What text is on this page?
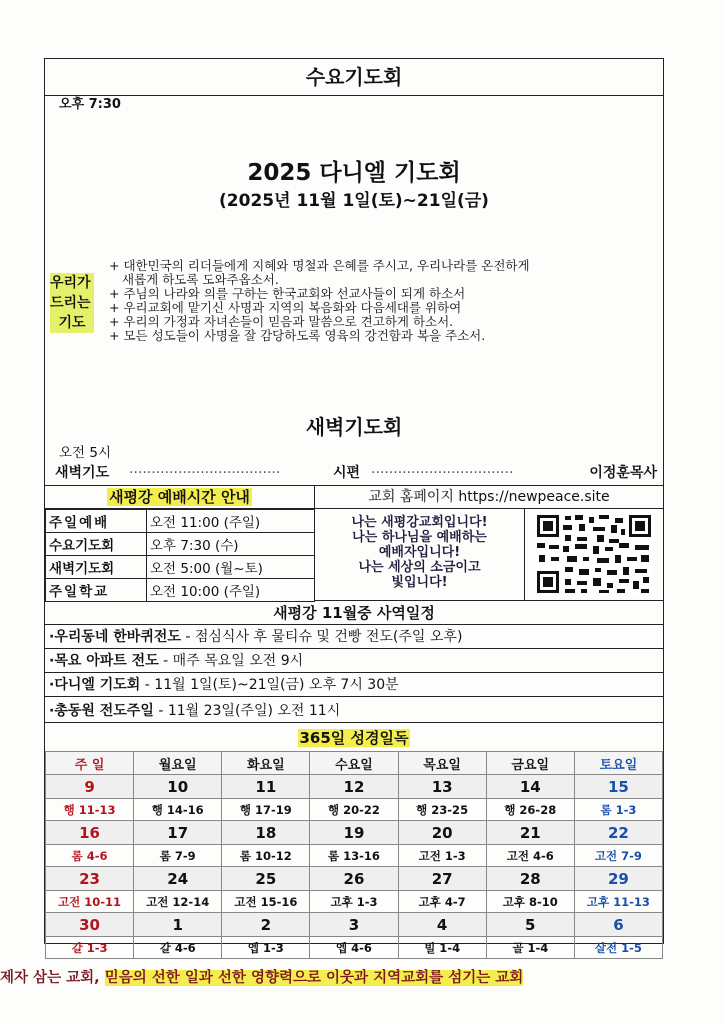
수요기도회
오후 7:30
2025 다니엘 기도회
(2025년 11월 1일(토)~21일(금)
우리가
드리는
기도
+ 대한민국의 리더들에게 지혜와 명철과 은혜를 주시고, 우리나라를 온전하게
새롭게 하도록 도와주옵소서.
+ 주님의 나라와 의를 구하는 한국교회와 선교사들이 되게 하소서
+ 우리교회에 맡기신 사명과 지역의 복음화와 다음세대를 위하여
+ 우리의 가정과 자녀손들이 믿음과 말씀으로 견고하게 하소서.
+ 모든 성도들이 사명을 잘 감당하도록 영육의 강건함과 복을 주소서.
새벽기도회
오전 5시
새벽기도 ··································	시편 ································	이정훈목사
새평강 예배시간 안내	교회 홈페이지 https://newpeace.site
주일예배	오전 11:00 (주일)
수요기도회	오후 7:30 (수)
새벽기도회	오전 5:00 (월~토)
주일학교	오전 10:00 (주일)
나는 새평강교회입니다!
나는 하나님을 예배하는
예배자입니다!
나는 세상의 소금이고
빛입니다!
새평강 11월중 사역일정
·우리동네 한바퀴전도 - 점심식사 후 물티슈 및 건빵 전도(주일 오후)
·목요 아파트 전도 - 매주 목요일 오전 9시
·다니엘 기도회 - 11월 1일(토)~21일(금) 오후 7시 30분
·총동원 전도주일 - 11월 23일(주일) 오전 11시
365일 성경일독
주 일	월요일	화요일	수요일	목요일	금요일	토요일
9	10	11	12	13	14	15
행 11-13	행 14-16	행 17-19	행 20-22	행 23-25	행 26-28	롬 1-3
16	17	18	19	20	21	22
롬 4-6	롬 7-9	롬 10-12	롬 13-16	고전 1-3	고전 4-6	고전 7-9
23	24	25	26	27	28	29
고전 10-11	고전 12-14	고전 15-16	고후 1-3	고후 4-7	고후 8-10	고후 11-13
30	1	2	3	4	5	6
갈 1-3	갈 4-6	엡 1-3	엡 4-6	빌 1-4	골 1-4	살전 1-5
제자 삼는 교회, 믿음의 선한 일과 선한 영향력으로 이웃과 지역교회를 섬기는 교회
